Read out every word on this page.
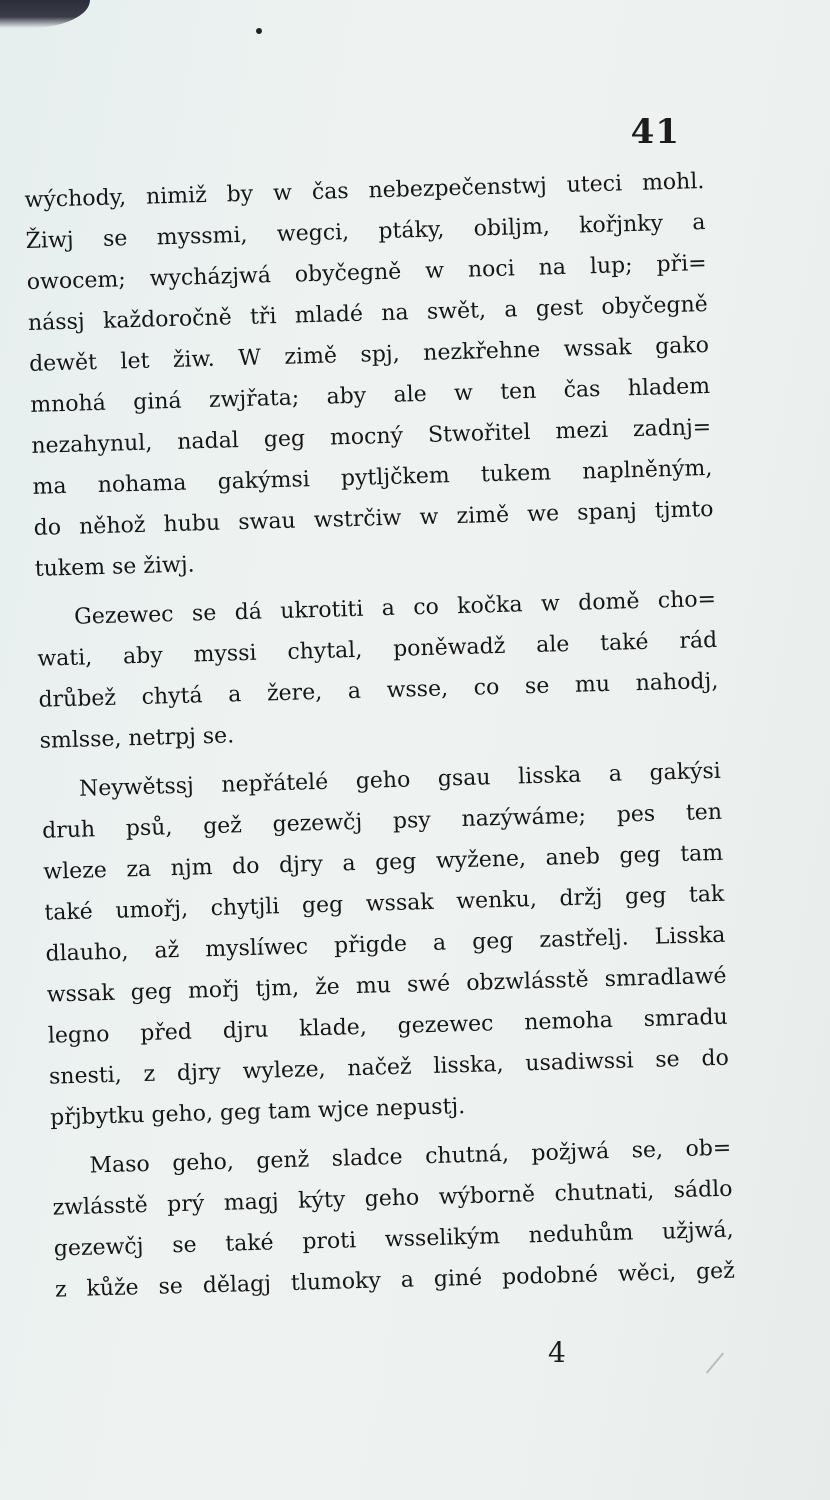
41
wýchody, nimiž by w čas nebezpečenstwj uteci mohl.
Žiwj se myssmi, wegci, ptáky, obiljm, kořjnky a
owocem; wycházjwá obyčegně w noci na lup; při=
nássj každoročně tři mladé na swět, a gest obyčegně
dewět let žiw. W zimě spj, nezkřehne wssak gako
mnohá giná zwjřata; aby ale w ten čas hladem
nezahynul, nadal geg mocný Stwořitel mezi zadnj=
ma nohama gakýmsi pytljčkem tukem naplněným,
do něhož hubu swau wstrčiw w zimě we spanj tjmto
tukem se žiwj.
Gezewec se dá ukrotiti a co kočka w domě cho=
wati, aby myssi chytal, poněwadž ale také rád
drůbež chytá a žere, a wsse, co se mu nahodj,
smlsse, netrpj se.
Neywětssj nepřátelé geho gsau lisska a gakýsi
druh psů, gež gezewčj psy nazýwáme; pes ten
wleze za njm do djry a geg wyžene, aneb geg tam
také umořj, chytjli geg wssak wenku, držj geg tak
dlauho, až myslíwec přigde a geg zastřelj. Lisska
wssak geg mořj tjm, že mu swé obzwlásstě smradlawé
legno před djru klade, gezewec nemoha smradu
snesti, z djry wyleze, načež lisska, usadiwssi se do
přjbytku geho, geg tam wjce nepustj.
Maso geho, genž sladce chutná, požjwá se, ob=
zwlásstě prý magj kýty geho wýborně chutnati, sádlo
gezewčj se také proti wsselikým neduhům užjwá,
z kůže se dělagj tlumoky a giné podobné wěci, gež
4
